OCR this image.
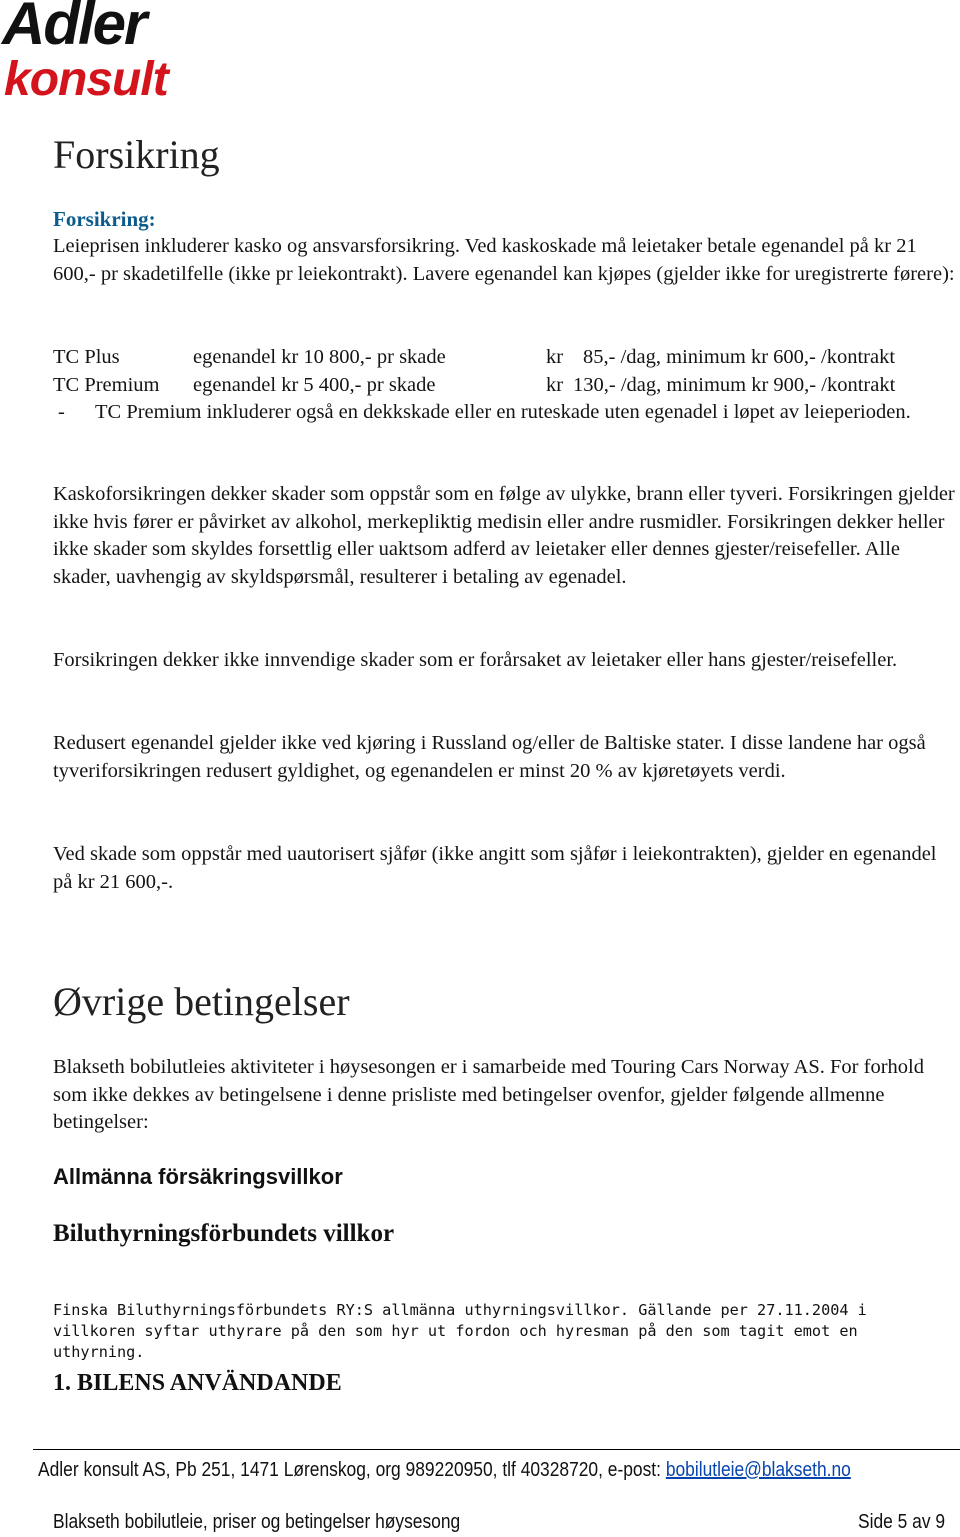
Adler
konsult
Forsikring
Forsikring:

Leieprisen inkluderer kasko og ansvarsforsikring. Ved kaskoskade må leietaker betale egenandel på kr 21 600,- pr skadetilfelle (ikke pr leiekontrakt). Lavere egenandel kan kjøpes (gjelder ikke for uregistrerte førere):

TC Plus	egenandel kr 10 800,- pr skade	kr 85,- /dag, minimum kr 600,- /kontrakt
TC Premium egenandel kr 5 400,- pr skade	kr 130,- /dag, minimum kr 900,- /kontrakt
- TC Premium inkluderer også en dekkskade eller en ruteskade uten egenadel i løpet av leieperioden.

Kaskoforsikringen dekker skader som oppstår som en følge av ulykke, brann eller tyveri. Forsikringen gjelder ikke hvis fører er påvirket av alkohol, merkepliktig medisin eller andre rusmidler. Forsikringen dekker heller ikke skader som skyldes forsettlig eller uaktsom adferd av leietaker eller dennes gjester/reisefeller. Alle skader, uavhengig av skyldspørsmål, resulterer i betaling av egenadel.

Forsikringen dekker ikke innvendige skader som er forårsaket av leietaker eller hans gjester/reisefeller.

Redusert egenandel gjelder ikke ved kjøring i Russland og/eller de Baltiske stater. I disse landene har også tyveriforsikringen redusert gyldighet, og egenandelen er minst 20 % av kjøretøyets verdi.

Ved skade som oppstår med uautorisert sjåfør (ikke angitt som sjåfør i leiekontrakten), gjelder en egenandel på kr 21 600,-.

Øvrige betingelser

Blakseth bobilutleies aktiviteter i høysesongen er i samarbeide med Touring Cars Norway AS. For forhold som ikke dekkes av betingelsene i denne prisliste med betingelser ovenfor, gjelder følgende allmenne betingelser:

Allmänna försäkringsvillkor
Biluthyrningsförbundets villkor
Finska Biluthyrningsförbundets RY:S allmänna uthyrningsvillkor. Gällande per 27.11.2004 i villkoren syftar uthyrare på den som hyr ut fordon och hyresman på den som tagit emot en uthyrning.
1. BILENS ANVÄNDANDE
Adler konsult AS, Pb 251, 1471 Lørenskog, org 989220950, tlf 40328720, e-post: bobilutleie@blakseth.no
Blakseth bobilutleie, priser og betingelser høysesong	Side 5 av 9
